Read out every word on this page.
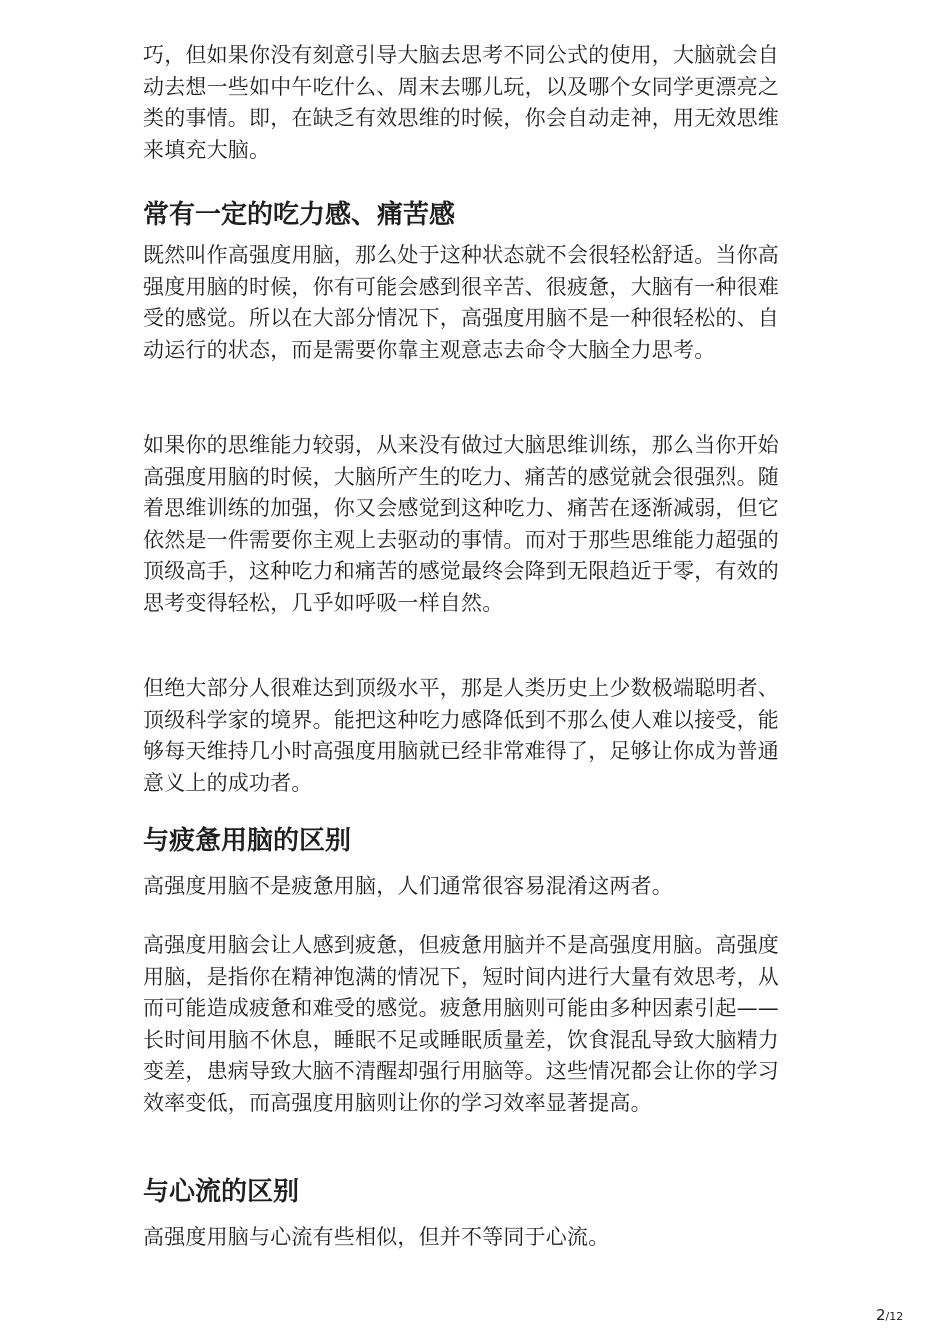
巧，但如果你没有刻意引导大脑去思考不同公式的使用，大脑就会自动去想一些如中午吃什么、周末去哪儿玩，以及哪个女同学更漂亮之类的事情。即，在缺乏有效思维的时候，你会自动走神，用无效思维来填充大脑。

常有一定的吃力感、痛苦感

既然叫作高强度用脑，那么处于这种状态就不会很轻松舒适。当你高强度用脑的时候，你有可能会感到很辛苦、很疲惫，大脑有一种很难受的感觉。所以在大部分情况下，高强度用脑不是一种很轻松的、自动运行的状态，而是需要你靠主观意志去命令大脑全力思考。

如果你的思维能力较弱，从来没有做过大脑思维训练，那么当你开始高强度用脑的时候，大脑所产生的吃力、痛苦的感觉就会很强烈。随着思维训练的加强，你又会感觉到这种吃力、痛苦在逐渐减弱，但它依然是一件需要你主观上去驱动的事情。而对于那些思维能力超强的顶级高手，这种吃力和痛苦的感觉最终会降到无限趋近于零，有效的思考变得轻松，几乎如呼吸一样自然。

但绝大部分人很难达到顶级水平，那是人类历史上少数极端聪明者、顶级科学家的境界。能把这种吃力感降低到不那么使人难以接受，能够每天维持几小时高强度用脑就已经非常难得了，足够让你成为普通意义上的成功者。

与疲惫用脑的区别

高强度用脑不是疲惫用脑，人们通常很容易混淆这两者。

高强度用脑会让人感到疲惫，但疲惫用脑并不是高强度用脑。高强度用脑，是指你在精神饱满的情况下，短时间内进行大量有效思考，从而可能造成疲惫和难受的感觉。疲惫用脑则可能由多种因素引起——长时间用脑不休息，睡眠不足或睡眠质量差，饮食混乱导致大脑精力变差，患病导致大脑不清醒却强行用脑等。这些情况都会让你的学习效率变低，而高强度用脑则让你的学习效率显著提高。

与心流的区别

高强度用脑与心流有些相似，但并不等同于心流。

2/12
